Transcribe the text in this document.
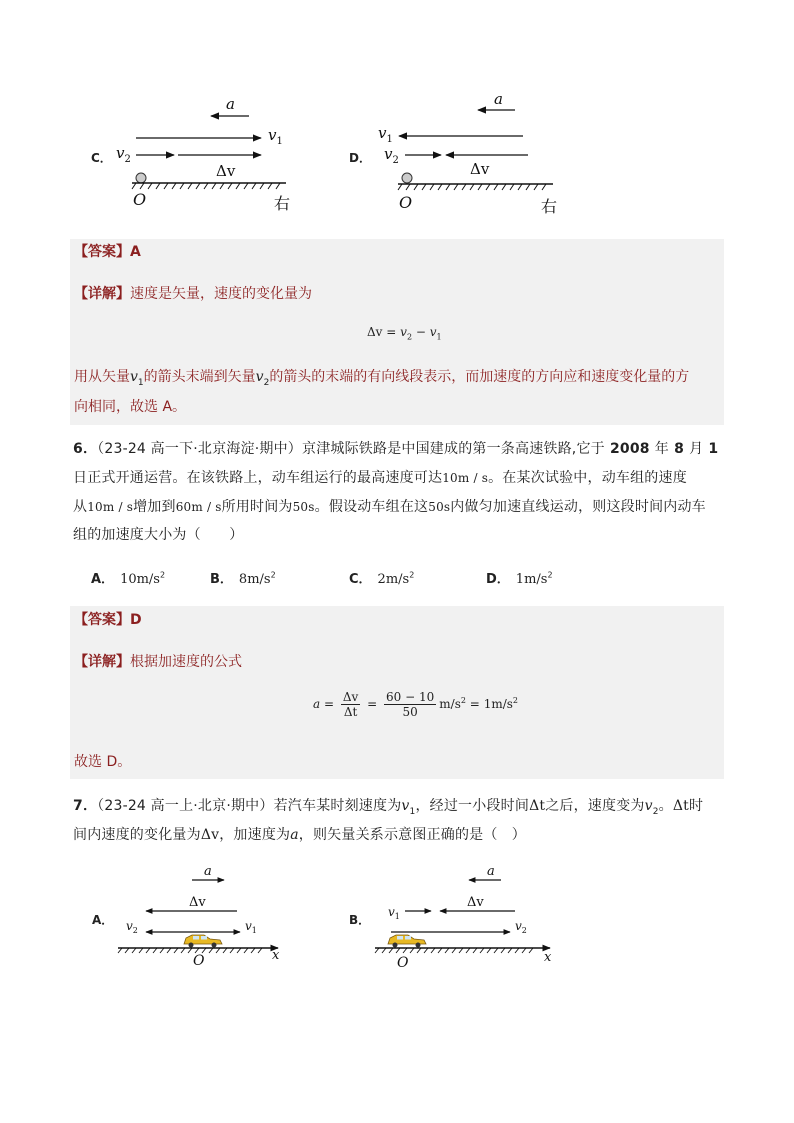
a
$v_1$
$v_2$
Δv
O	右
C．
a
$v_1$
$v_2$	Δv
O	右
D．
【答案】A
【详解】速度是矢量，速度的变化量为
$\Delta v = v_2 - v_1$
用从矢量$v_1$的箭头末端到矢量$v_2$的箭头的末端的有向线段表示，而加速度的方向应和速度变化量的方
向相同，故选 A。
6．（23-24 高一下·北京海淀·期中）京津城际铁路是中国建成的第一条高速铁路,它于 2008 年 8 月 1
日正式开通运营。在该铁路上，动车组运行的最高速度可达10m / s。在某次试验中，动车组的速度
从10m / s增加到60m / s所用时间为50s。假设动车组在这50s内做匀加速直线运动，则这段时间内动车
组的加速度大小为（　　）
A． $10m/s^2$	B． $8m/s^2$	C． $2m/s^2$	D． $1m/s^2$
【答案】D
【详解】根据加速度的公式
$a = \frac{\Delta v}{\Delta t} = \frac{60 - 10}{50} m/s^2 = 1m/s^2$
故选 D。
7．（23-24 高一上·北京·期中）若汽车某时刻速度为$v_1$，经过一小段时间Δt之后，速度变为$v_2$。Δt时
间内速度的变化量为Δv，加速度为a，则矢量关系示意图正确的是（　）
a
Δv
$v_2$	$v_1$
O	x
A．
a
$v_1$
Δv
$v_2$
O	x
B．
